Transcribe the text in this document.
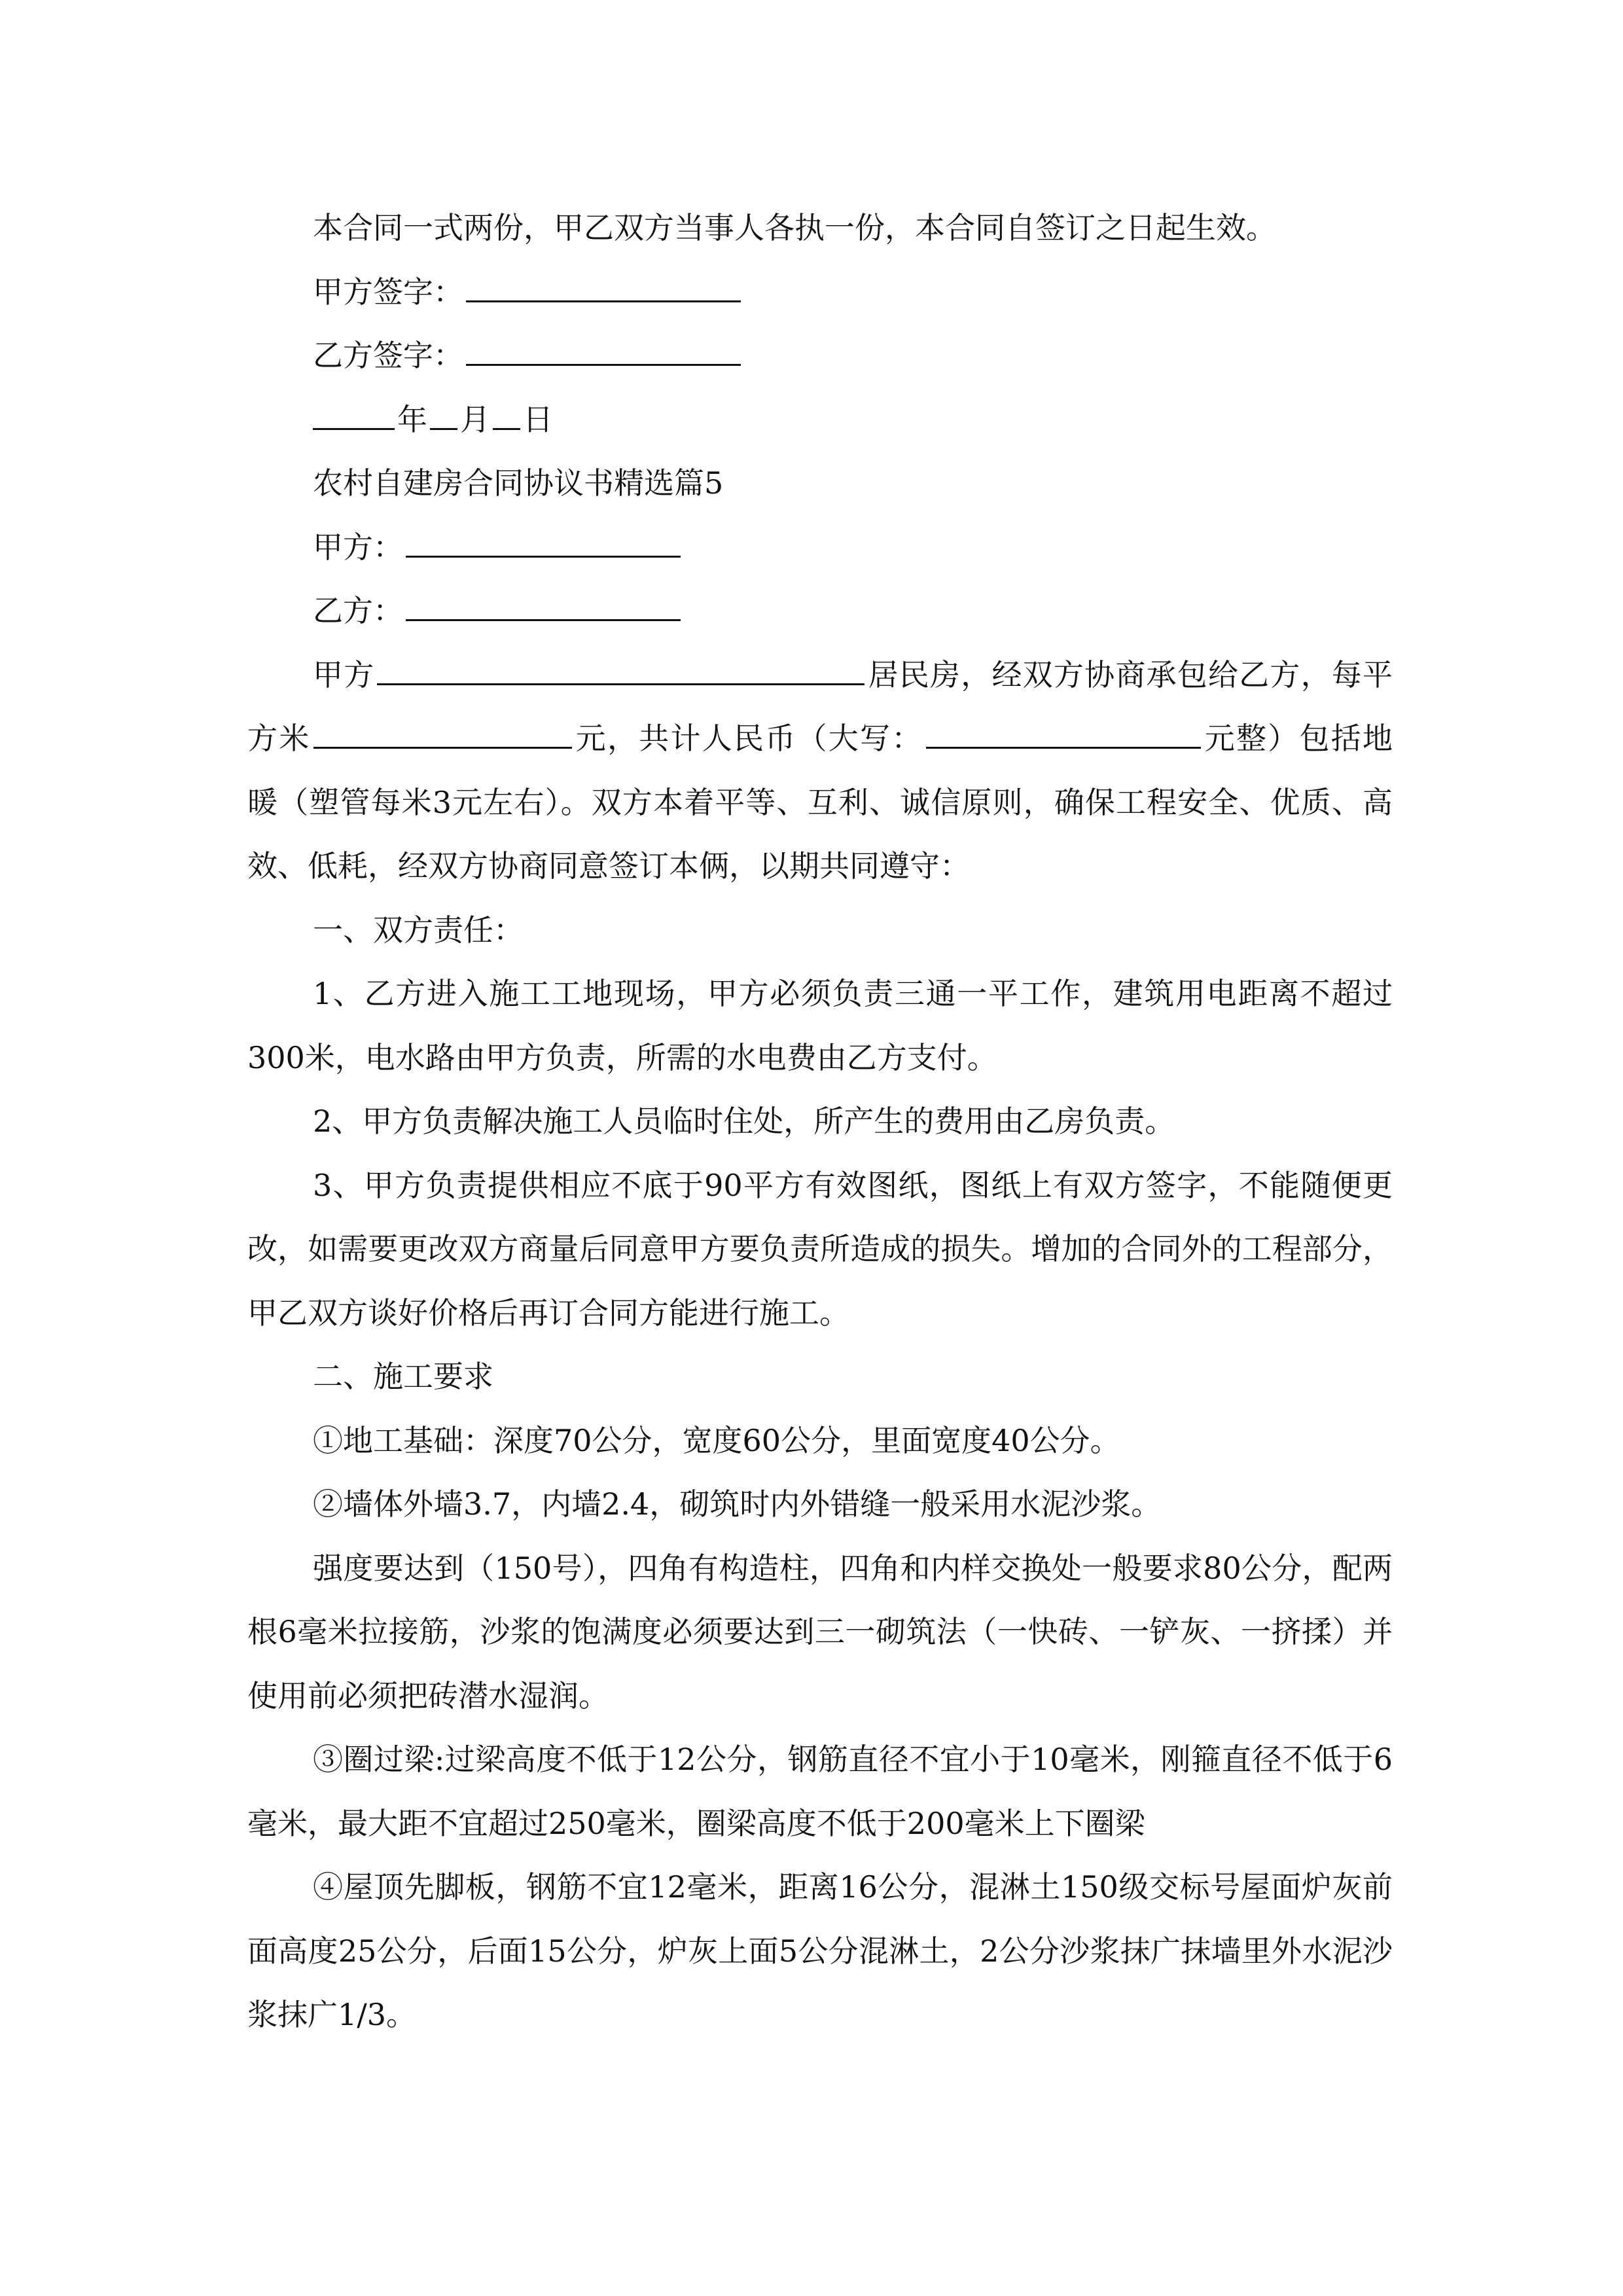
本合同一式两份，甲乙双方当事人各执一份，本合同自签订之日起生效。

甲方签字：

乙方签字：

年 月 日

农村自建房合同协议书精选篇5

甲方：

乙方：

甲方	居民房，经双方协商承包给乙方，每平方米	元，共计人民币（大写：	元整）包括地暖（塑管每米3元左右）。双方本着平等、互利、诚信原则，确保工程安全、优质、高效、低耗，经双方协商同意签订本俩，以期共同遵守：

一、双方责任：

1、乙方进入施工工地现场，甲方必须负责三通一平工作，建筑用电距离不超过300米，电水路由甲方负责，所需的水电费由乙方支付。

2、甲方负责解决施工人员临时住处，所产生的费用由乙房负责。

3、甲方负责提供相应不底于90平方有效图纸，图纸上有双方签字，不能随便更改，如需要更改双方商量后同意甲方要负责所造成的损失。增加的合同外的工程部分，甲乙双方谈好价格后再订合同方能进行施工。

二、施工要求

①地工基础：深度70公分，宽度60公分，里面宽度40公分。

②墙体外墙3.7，内墙2.4，砌筑时内外错缝一般采用水泥沙浆。

强度要达到（150号），四角有构造柱，四角和内样交换处一般要求80公分，配两根6毫米拉接筋，沙浆的饱满度必须要达到三一砌筑法（一快砖、一铲灰、一挤揉）并使用前必须把砖潜水湿润。

③圈过梁:过梁高度不低于12公分，钢筋直径不宜小于10毫米，刚箍直径不低于6毫米，最大距不宜超过250毫米，圈梁高度不低于200毫米上下圈梁

④屋顶先脚板，钢筋不宜12毫米，距离16公分，混淋土150级交标号屋面炉灰前面高度25公分，后面15公分，炉灰上面5公分混淋土，2公分沙浆抹广抹墙里外水泥沙浆抹广1/3。
